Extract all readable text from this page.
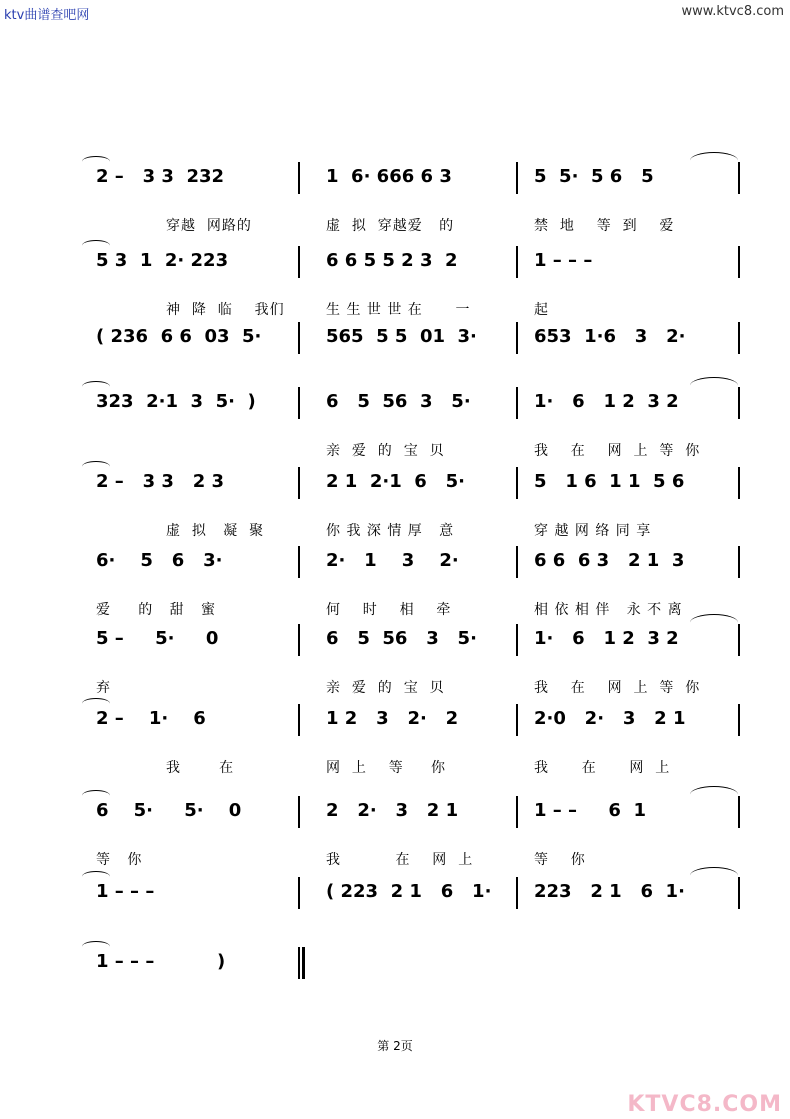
ktv曲谱查吧网	www.ktvc8.com
2 –   3 3  232	1  6· 666 6 3	5  5·  5 6   5
穿越  网路的	虚  拟  穿越爱   的	禁  地    等  到    爱
5 3  1  2· 223	6 6 5 5 2 3  2	1 – – –
神  降  临    我们	生 生 世 世 在      一	起
( 236  6 6  03  5·	565  5 5  01  3·	653  1·6   3   2·
323  2·1  3  5·  )	6   5  56  3   5·	1·   6   1 2  3 2
亲  爱  的  宝  贝	我    在    网  上  等  你
2 –   3 3   2 3	2 1  2·1  6   5·	5   1 6  1 1  5 6
虚  拟   凝  聚	你 我 深 情 厚   意	穿 越 网 络 同 享
6·    5   6   3·	2·   1    3    2·	6 6  6 3   2 1  3
爱     的   甜   蜜	何    时    相    牵	相 依 相 伴   永 不 离
5 –     5·     0	6   5  56   3   5·	1·   6   1 2  3 2
弃	亲  爱  的  宝  贝	我    在    网  上  等  你
2 –    1·    6	1 2   3   2·   2	2·0   2·   3   2 1
我       在	网  上    等     你	我      在      网  上
6    5·     5·    0	2   2·   3   2 1	1 – –     6  1
等   你	我          在    网  上	等    你
1 – – –	( 223  2 1   6   1· 223   2 1   6  1·
1 – – –          )
第 2页
KTVC8.COM
